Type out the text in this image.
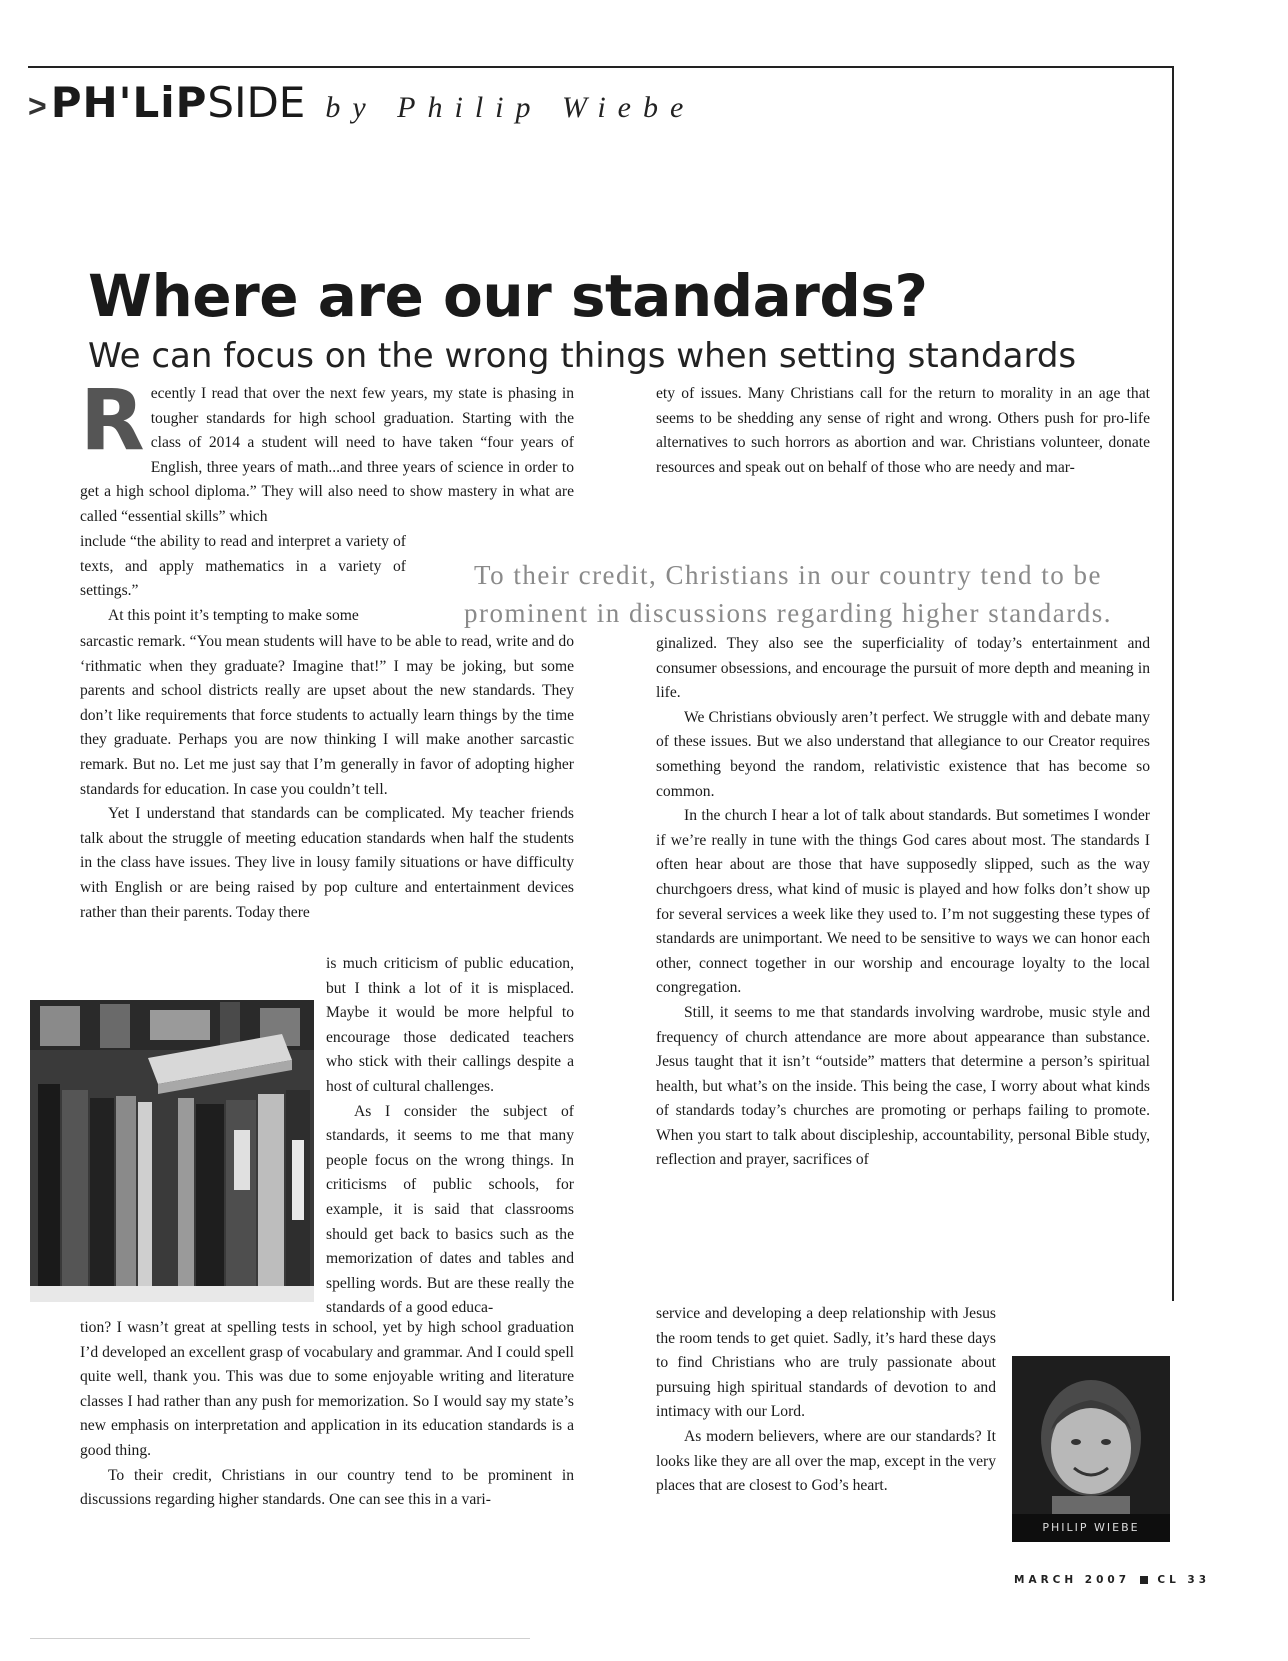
> PH'LiP SIDE by Philip Wiebe
Where are our standards?
We can focus on the wrong things when setting standards

Recently I read that over the next few years, my state is phasing in tougher standards for high school graduation. Starting with the class of 2014 a student will need to have taken “four years of English, three years of math...and three years of science in order to get a high school diploma.” They will also need to show mastery in what are called “essential skills” which

include “the ability to read and interpret a variety of texts, and apply mathematics in a variety of settings.”

At this point it’s tempting to make some

sarcastic remark. “You mean students will have to be able to read, write and do ‘rithmatic when they graduate? Imagine that!” I may be joking, but some parents and school districts really are upset about the new standards. They don’t like requirements that force students to actually learn things by the time they graduate. Perhaps you are now thinking I will make another sarcastic remark. But no. Let me just say that I’m generally in favor of adopting higher standards for education. In case you couldn’t tell.

Yet I understand that standards can be complicated. My teacher friends talk about the struggle of meeting education standards when half the students in the class have issues. They live in lousy family situations or have difficulty with English or are being raised by pop culture and entertainment devices rather than their parents. Today there

is much criticism of public education, but I think a lot of it is misplaced. Maybe it would be more helpful to encourage those dedicated teachers who stick with their callings despite a host of cultural challenges.

As I consider the subject of standards, it seems to me that many people focus on the wrong things. In criticisms of public schools, for example, it is said that classrooms should get back to basics such as the memorization of dates and tables and spelling words. But are these really the standards of a good educa-

tion? I wasn’t great at spelling tests in school, yet by high school graduation I’d developed an excellent grasp of vocabulary and grammar. And I could spell quite well, thank you. This was due to some enjoyable writing and literature classes I had rather than any push for memorization. So I would say my state’s new emphasis on interpretation and application in its education standards is a good thing.

To their credit, Christians in our country tend to be prominent in discussions regarding higher standards. One can see this in a vari-

To their credit, Christians in our country tend to be prominent in discussions regarding higher standards.

ety of issues. Many Christians call for the return to morality in an age that seems to be shedding any sense of right and wrong. Others push for pro-life alternatives to such horrors as abortion and war. Christians volunteer, donate resources and speak out on behalf of those who are needy and mar-

ginalized. They also see the superficiality of today’s entertainment and consumer obsessions, and encourage the pursuit of more depth and meaning in life.

We Christians obviously aren’t perfect. We struggle with and debate many of these issues. But we also understand that allegiance to our Creator requires something beyond the random, relativistic existence that has become so common.

In the church I hear a lot of talk about standards. But sometimes I wonder if we’re really in tune with the things God cares about most. The standards I often hear about are those that have supposedly slipped, such as the way churchgoers dress, what kind of music is played and how folks don’t show up for several services a week like they used to. I’m not suggesting these types of standards are unimportant. We need to be sensitive to ways we can honor each other, connect together in our worship and encourage loyalty to the local congregation.

Still, it seems to me that standards involving wardrobe, music style and frequency of church attendance are more about appearance than substance. Jesus taught that it isn’t “outside” matters that determine a person’s spiritual health, but what’s on the inside. This being the case, I worry about what kinds of standards today’s churches are promoting or perhaps failing to promote. When you start to talk about discipleship, accountability, personal Bible study, reflection and prayer, sacrifices of

service and developing a deep relationship with Jesus the room tends to get quiet. Sadly, it’s hard these days to find Christians who are truly passionate about pursuing high spiritual standards of devotion to and intimacy with our Lord.

As modern believers, where are our standards? It looks like they are all over the map, except in the very places that are closest to God’s heart.

PHILIP WIEBE
MARCH 2007	CL 33
